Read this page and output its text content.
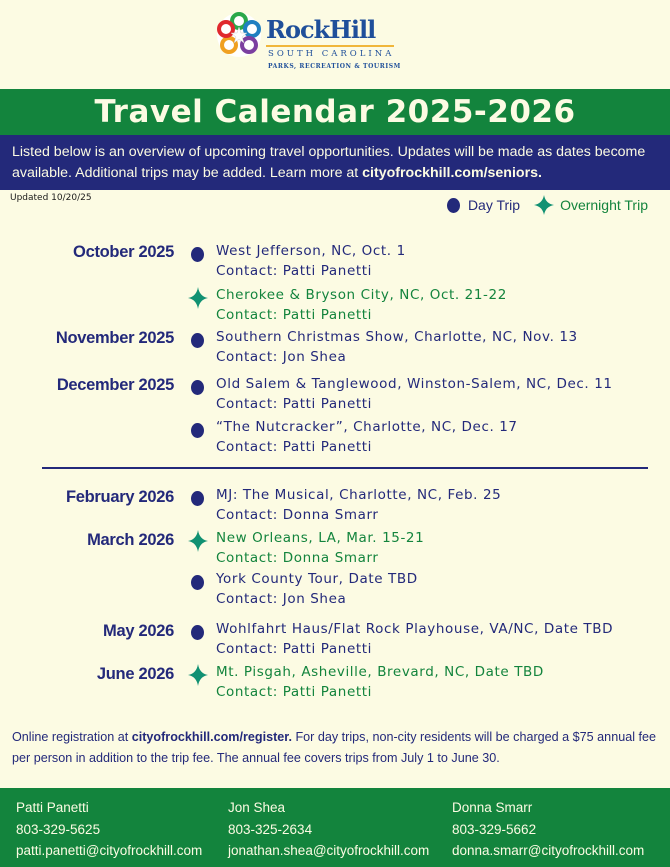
RockHill
SOUTH CAROLINA
PARKS, RECREATION & TOURISM
Travel Calendar 2025-2026
Listed below is an overview of upcoming travel opportunities. Updates will be made as dates become available. Additional trips may be added. Learn more at cityofrockhill.com/seniors.
Updated 10/20/25	Day Trip	Overnight Trip
October 2025
November 2025
December 2025
February 2026
March 2026
May 2026
June 2026
West Jefferson, NC, Oct. 1
Contact: Patti Panetti
Cherokee & Bryson City, NC, Oct. 21-22
Contact: Patti Panetti
Southern Christmas Show, Charlotte, NC, Nov. 13
Contact: Jon Shea
Old Salem & Tanglewood, Winston-Salem, NC, Dec. 11
Contact: Patti Panetti
“The Nutcracker”, Charlotte, NC, Dec. 17
Contact: Patti Panetti
MJ: The Musical, Charlotte, NC, Feb. 25
Contact: Donna Smarr
New Orleans, LA, Mar. 15-21
Contact: Donna Smarr
York County Tour, Date TBD
Contact: Jon Shea
Wohlfahrt Haus/Flat Rock Playhouse, VA/NC, Date TBD
Contact: Patti Panetti
Mt. Pisgah, Asheville, Brevard, NC, Date TBD
Contact: Patti Panetti
Online registration at cityofrockhill.com/register. For day trips, non-city residents will be charged a $75 annual fee per person in addition to the trip fee. The annual fee covers trips from July 1 to June 30.
Patti Panetti
803-329-5625
patti.panetti@cityofrockhill.com
Jon Shea
803-325-2634
jonathan.shea@cityofrockhill.com
Donna Smarr
803-329-5662
donna.smarr@cityofrockhill.com
